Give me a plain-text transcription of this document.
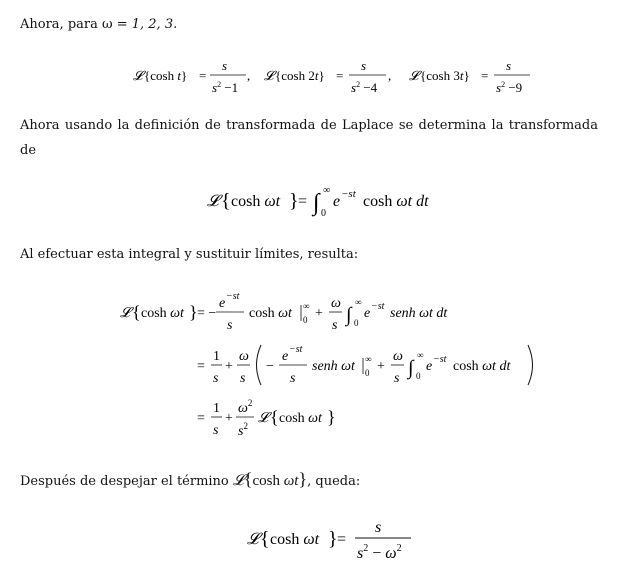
Ahora, para ω = 1, 2, 3.
𝓛 {cosh t} =
s
$s^2 -1$
, 𝓛 {cosh 2t} =
s
$s^2 -4$
, 𝓛 {cosh 3t} =
s
$s^2 -9$
Ahora usando la definición de transformada de Laplace se determina la transformada de
𝓛 { cosh ωt } = ∫ ∞
0
e −st cosh ωt dt
Al efectuar esta integral y sustituir límites, resulta:
𝓛 { cosh ωt } = −
e −st
s
cosh ωt ∞
0 +
ω
s ∫
∞
0
e −st senh ωt dt
=
1
s
+
ω
s
−
e −st
s
senh ωt ∞
0 +
ω
s ∫
∞
0
e −st cosh ωt dt
=
1
s
+
$\omega^2$
$s^2$ 𝓛 { cosh ωt }
Después de despejar el término 𝓛{cosh ωt}, queda:
𝓛 { cosh ωt } =
s
$s^2 - \omega^2$
